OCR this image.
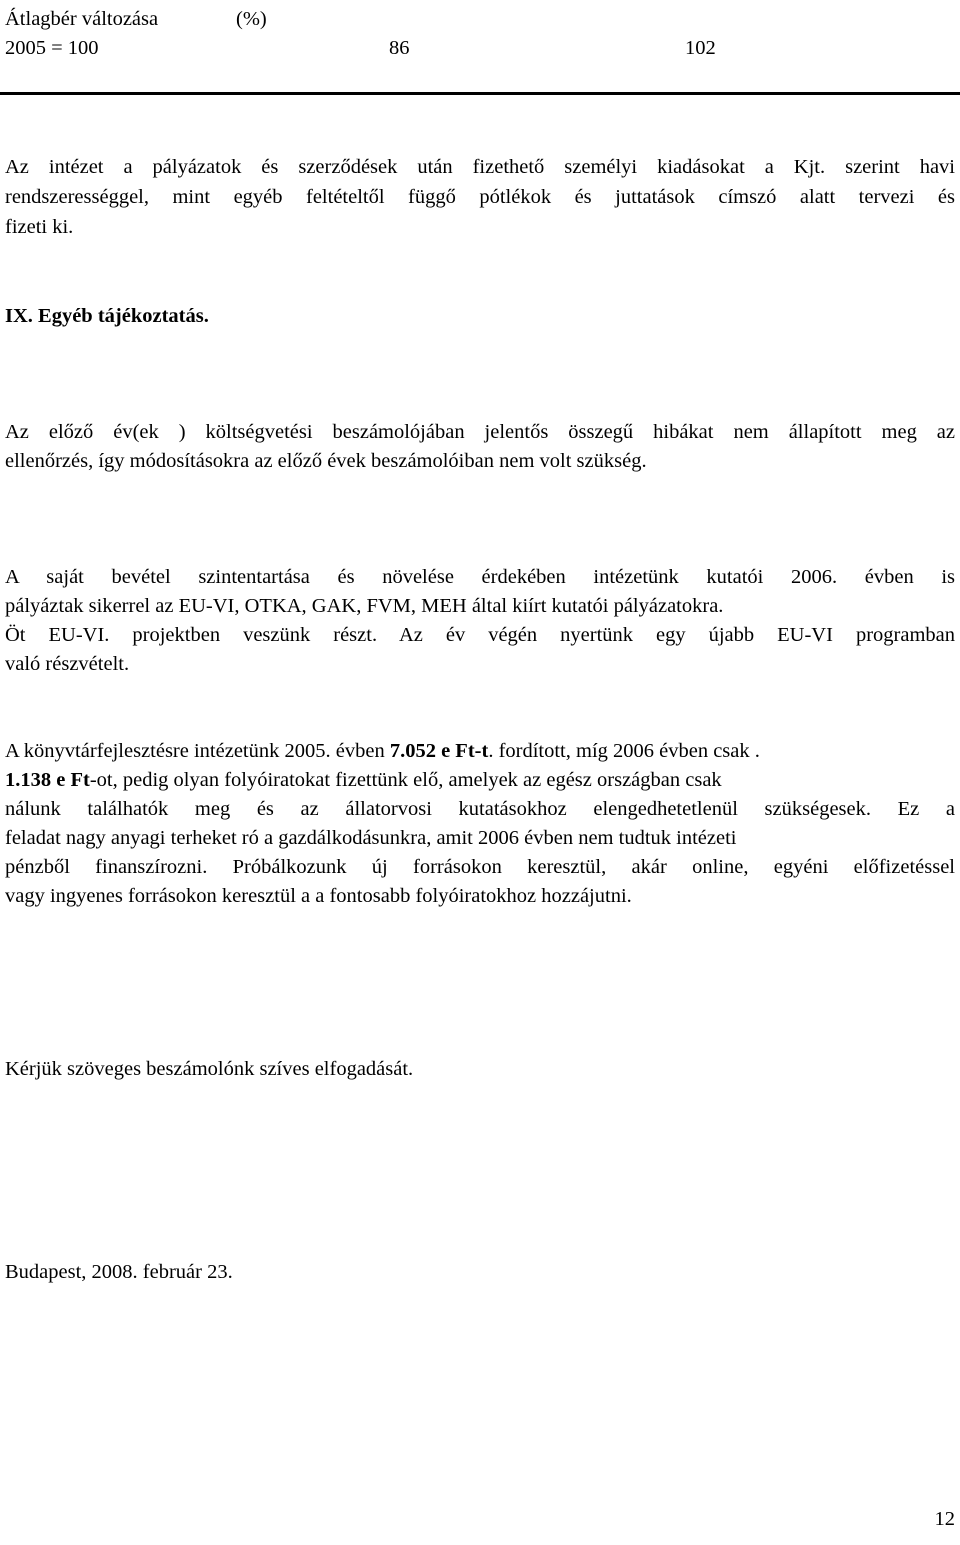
Átlagbér változása	(%)
2005 = 100	86	102
Az intézet a pályázatok és szerződések után fizethető személyi kiadásokat a Kjt. szerint havi
rendszerességgel, mint egyéb feltételtől függő pótlékok és juttatások címszó alatt tervezi és
fizeti ki.
IX. Egyéb tájékoztatás.
Az előző év(ek ) költségvetési beszámolójában jelentős összegű hibákat nem állapított meg az
ellenőrzés, így módosításokra az előző évek beszámolóiban nem volt szükség.
A saját bevétel szintentartása és növelése érdekében intézetünk kutatói 2006. évben is
pályáztak sikerrel az EU-VI, OTKA, GAK, FVM, MEH által kiírt kutatói pályázatokra.
Öt EU-VI. projektben veszünk részt. Az év végén nyertünk egy újabb EU-VI programban
való részvételt.
A könyvtárfejlesztésre intézetünk 2005. évben 7.052 e Ft-t. fordított, míg 2006 évben csak .
1.138 e Ft-ot, pedig olyan folyóiratokat fizettünk elő, amelyek az egész országban csak
nálunk találhatók meg és az állatorvosi kutatásokhoz elengedhetetlenül szükségesek. Ez a
feladat nagy anyagi terheket ró a gazdálkodásunkra, amit 2006 évben nem tudtuk intézeti
pénzből finanszírozni. Próbálkozunk új forrásokon keresztül, akár online, egyéni előfizetéssel
vagy ingyenes forrásokon keresztül a a fontosabb folyóiratokhoz hozzájutni.
Kérjük szöveges beszámolónk szíves elfogadását.
Budapest, 2008. február 23.
12
